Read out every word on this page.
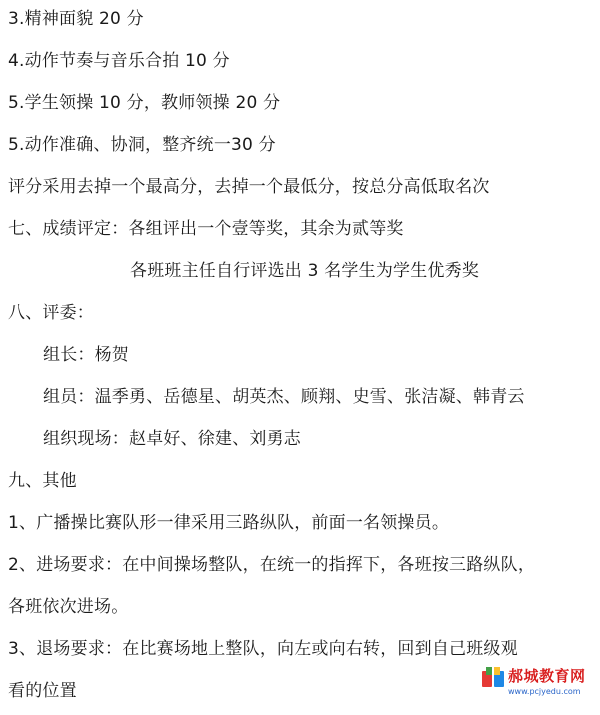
3.精神面貌 20 分
4.动作节奏与音乐合拍 10 分
5.学生领操 10 分，教师领操 20 分
5.动作准确、协洞，整齐统一30 分
评分采用去掉一个最高分，去掉一个最低分，按总分高低取名次
七、成绩评定：各组评出一个壹等奖，其余为贰等奖
各班班主任自行评选出 3 名学生为学生优秀奖
八、评委：
组长：杨贺
组员：温季勇、岳德星、胡英杰、顾翔、史雪、张洁凝、韩青云
组织现场：赵卓好、徐建、刘勇志
九、其他
1、广播操比赛队形一律采用三路纵队，前面一名领操员。
2、进场要求：在中间操场整队，在统一的指挥下，各班按三路纵队，
各班依次进场。
3、退场要求：在比赛场地上整队，向左或向右转，回到自己班级观
看的位置
郝城教育网
www.pcjyedu.com
